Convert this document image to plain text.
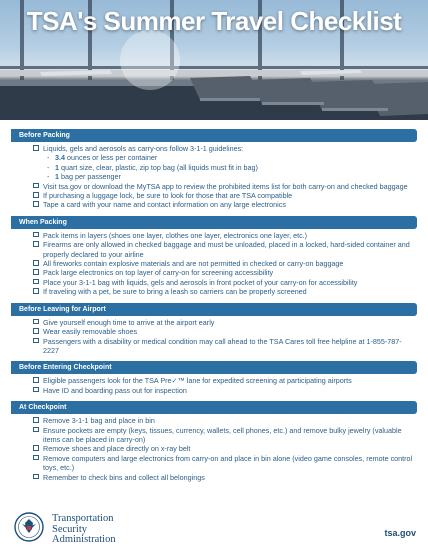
TSA's Summer Travel Checklist
Before Packing
Liquids, gels and aerosols as carry-ons follow 3-1-1 guidelines:
- 3.4 ounces or less per container
- 1 quart size, clear, plastic, zip top bag (all liquids must fit in bag)
- 1 bag per passenger
Visit tsa.gov or download the MyTSA app to review the prohibited items list for both carry-on and checked baggage
If purchasing a luggage lock, be sure to look for those that are TSA compatible
Tape a card with your name and contact information on any large electronics
When Packing
Pack items in layers (shoes one layer, clothes one layer, electronics one layer, etc.)
Firearms are only allowed in checked baggage and must be unloaded, placed in a locked, hard-sided container and properly declared to your airline
All fireworks contain explosive materials and are not permitted in checked or carry-on baggage
Pack large electronics on top layer of carry-on for screening accessibility
Place your 3-1-1 bag with liquids, gels and aerosols in front pocket of your carry-on for accessibility
If traveling with a pet, be sure to bring a leash so carriers can be properly screened
Before Leaving for Airport
Give yourself enough time to arrive at the airport early
Wear easily removable shoes
Passengers with a disability or medical condition may call ahead to the TSA Cares toll free helpline at 1-855-787-2227
Before Entering Checkpoint
Eligible passengers look for the TSA Pre✓™ lane for expedited screening at participating airports
Have ID and boarding pass out for inspection
At Checkpoint
Remove 3-1-1 bag and place in bin
Ensure pockets are empty (keys, tissues, currency, wallets, cell phones, etc.) and remove bulky jewelry (valuable items can be placed in carry-on)
Remove shoes and place directly on x-ray belt
Remove computers and large electronics from carry-on and place in bin alone (video game consoles, remote control toys, etc.)
Remember to check bins and collect all belongings
Transportation
Security
Administration
tsa.gov
